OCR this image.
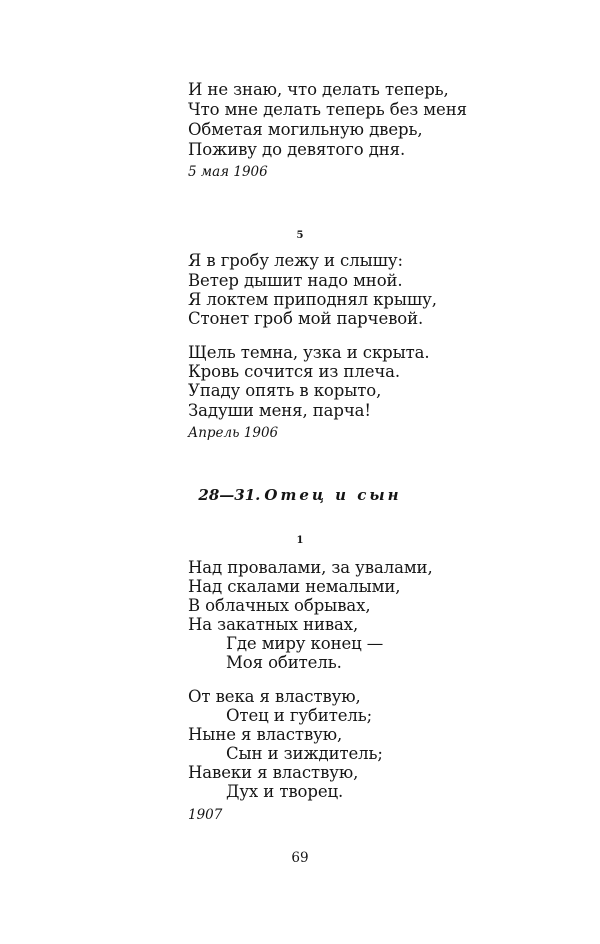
И не знаю, что делать теперь,
Что мне делать теперь без меня
Обметая могильную дверь,
Поживу до девятого дня.
5 мая 1906
5
Я в гробу лежу и слышу:
Ветер дышит надо мной.
Я локтем приподнял крышу,
Стонет гроб мой парчевой.
Щель темна, узка и скрыта.
Кровь сочится из плеча.
Упаду опять в корыто,
Задуши меня, парча!
Апрель 1906
28—31. Отец и сын
1
Над провалами, за увалами,
Над скалами немалыми,
В облачных обрывах,
На закатных нивах,
Где миру конец —
Моя обитель.
От века я властвую,
Отец и губитель;
Ныне я властвую,
Сын и зиждитель;
Навеки я властвую,
Дух и творец.
1907
69
